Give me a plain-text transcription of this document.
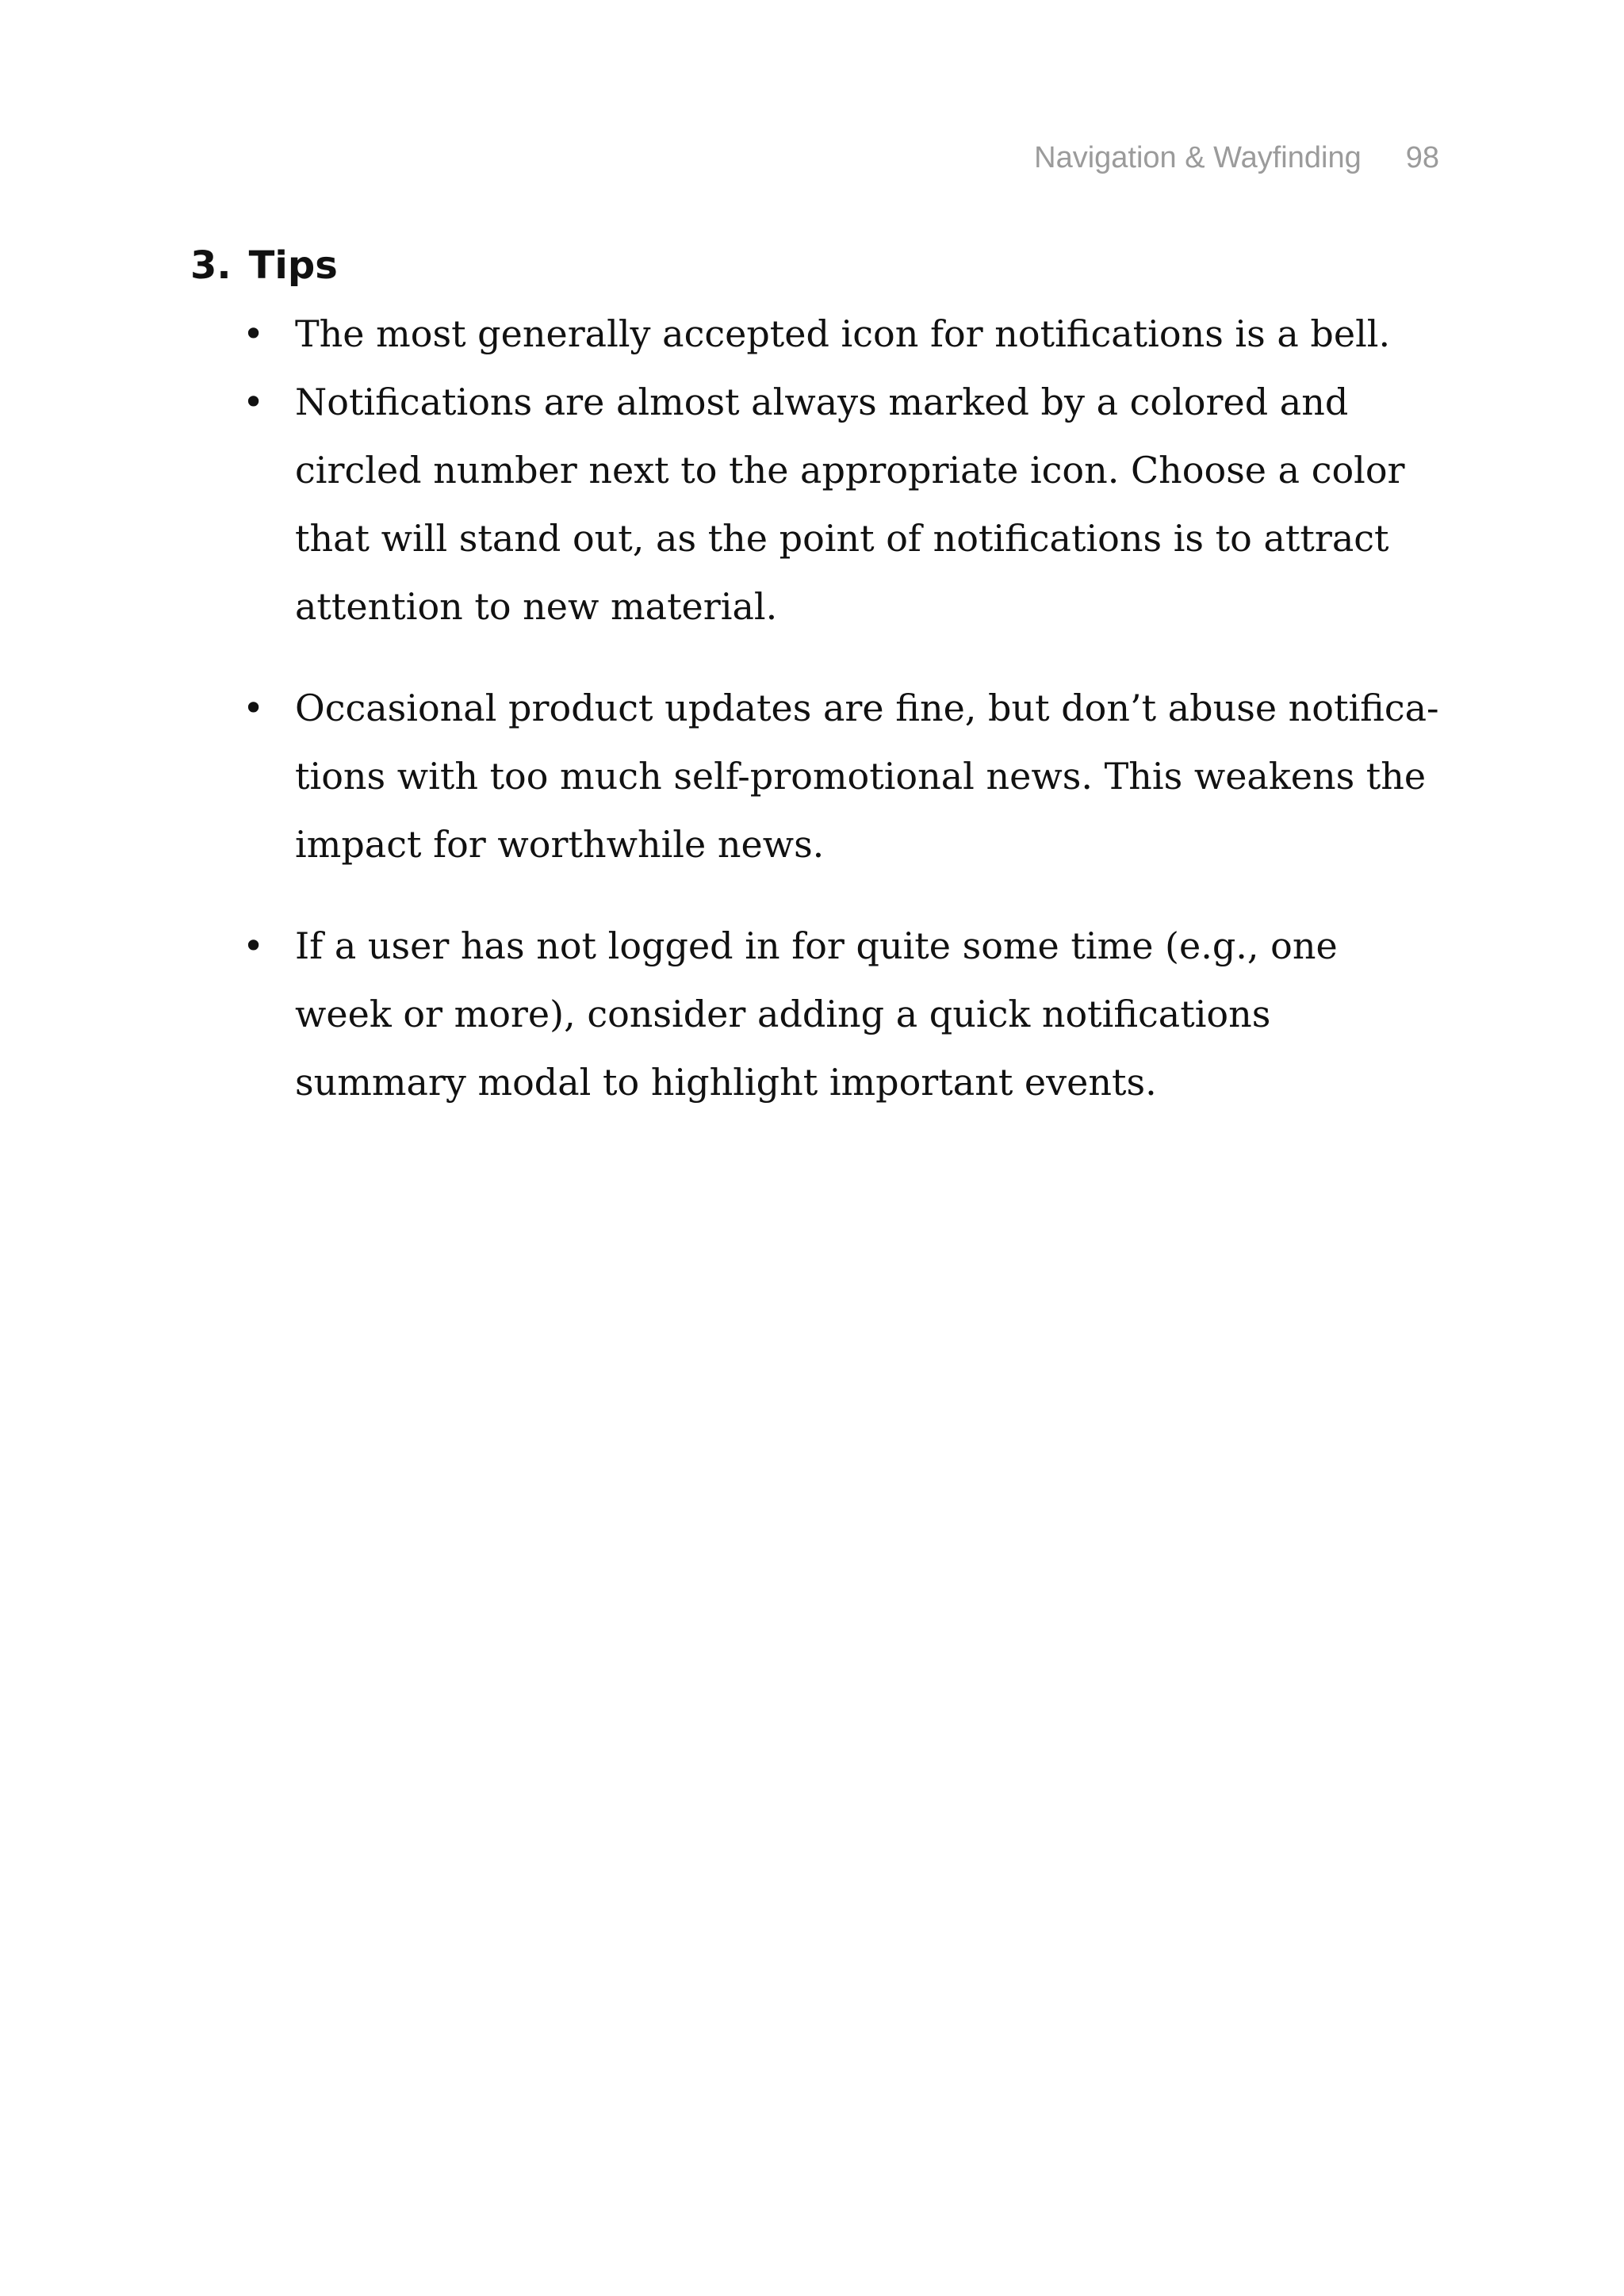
Navigation & Wayfinding 98
3. Tips
• The most generally accepted icon for notifications is a bell.
• Notifications are almost always marked by a colored and circled number next to the appropriate icon. Choose a color that will stand out, as the point of notifications is to attract attention to new material.
• Occasional product updates are fine, but don’t abuse notifica-tions with too much self-promotional news. This weakens the impact for worthwhile news.
• If a user has not logged in for quite some time (e.g., one week or more), consider adding a quick notifications summary modal to highlight important events.
